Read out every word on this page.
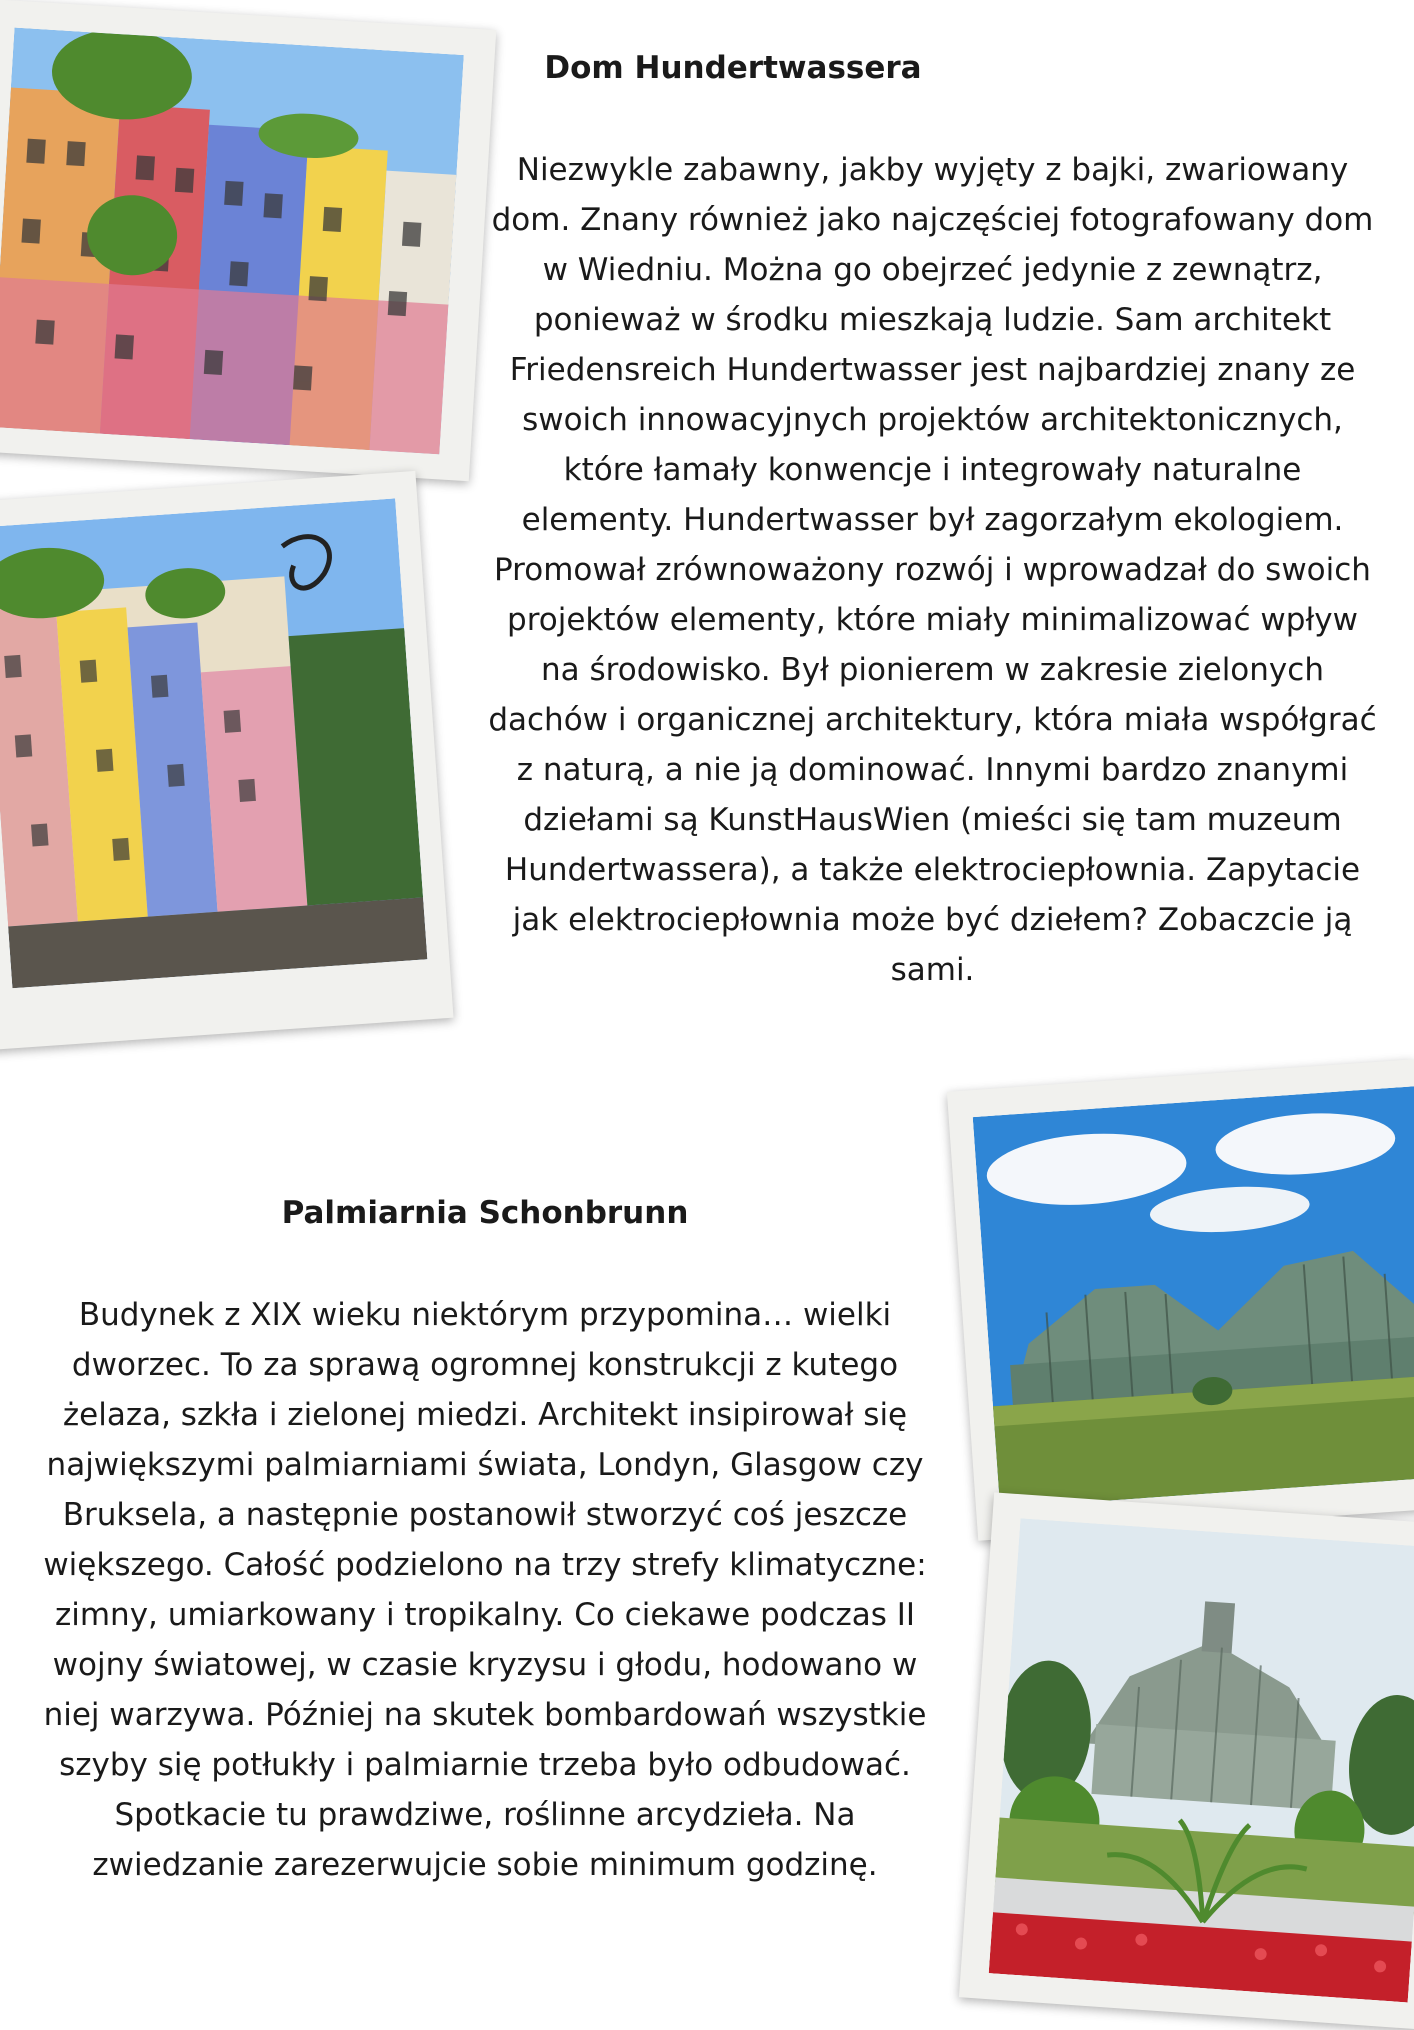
Dom Hundertwassera

Niezwykle zabawny, jakby wyjęty z bajki, zwariowany dom. Znany również jako najczęściej fotografowany dom w Wiedniu. Można go obejrzeć jedynie z zewnątrz, ponieważ w środku mieszkają ludzie. Sam architekt Friedensreich Hundertwasser jest najbardziej znany ze swoich innowacyjnych projektów architektonicznych, które łamały konwencje i integrowały naturalne elementy. Hundertwasser był zagorzałym ekologiem. Promował zrównoważony rozwój i wprowadzał do swoich projektów elementy, które miały minimalizować wpływ na środowisko. Był pionierem w zakresie zielonych dachów i organicznej architektury, która miała współgrać z naturą, a nie ją dominować. Innymi bardzo znanymi dziełami są KunstHausWien (mieści się tam muzeum Hundertwassera), a także elektrociepłownia. Zapytacie jak elektrociepłownia może być dziełem? Zobaczcie ją sami.

Palmiarnia Schonbrunn

Budynek z XIX wieku niektórym przypomina… wielki dworzec. To za sprawą ogromnej konstrukcji z kutego żelaza, szkła i zielonej miedzi. Architekt insipirował się największymi palmiarniami świata, Londyn, Glasgow czy Bruksela, a następnie postanowił stworzyć coś jeszcze większego. Całość podzielono na trzy strefy klimatyczne: zimny, umiarkowany i tropikalny. Co ciekawe podczas II wojny światowej, w czasie kryzysu i głodu, hodowano w niej warzywa. Później na skutek bombardowań wszystkie szyby się potłukły i palmiarnie trzeba było odbudować. Spotkacie tu prawdziwe, roślinne arcydzieła. Na zwiedzanie zarezerwujcie sobie minimum godzinę.
